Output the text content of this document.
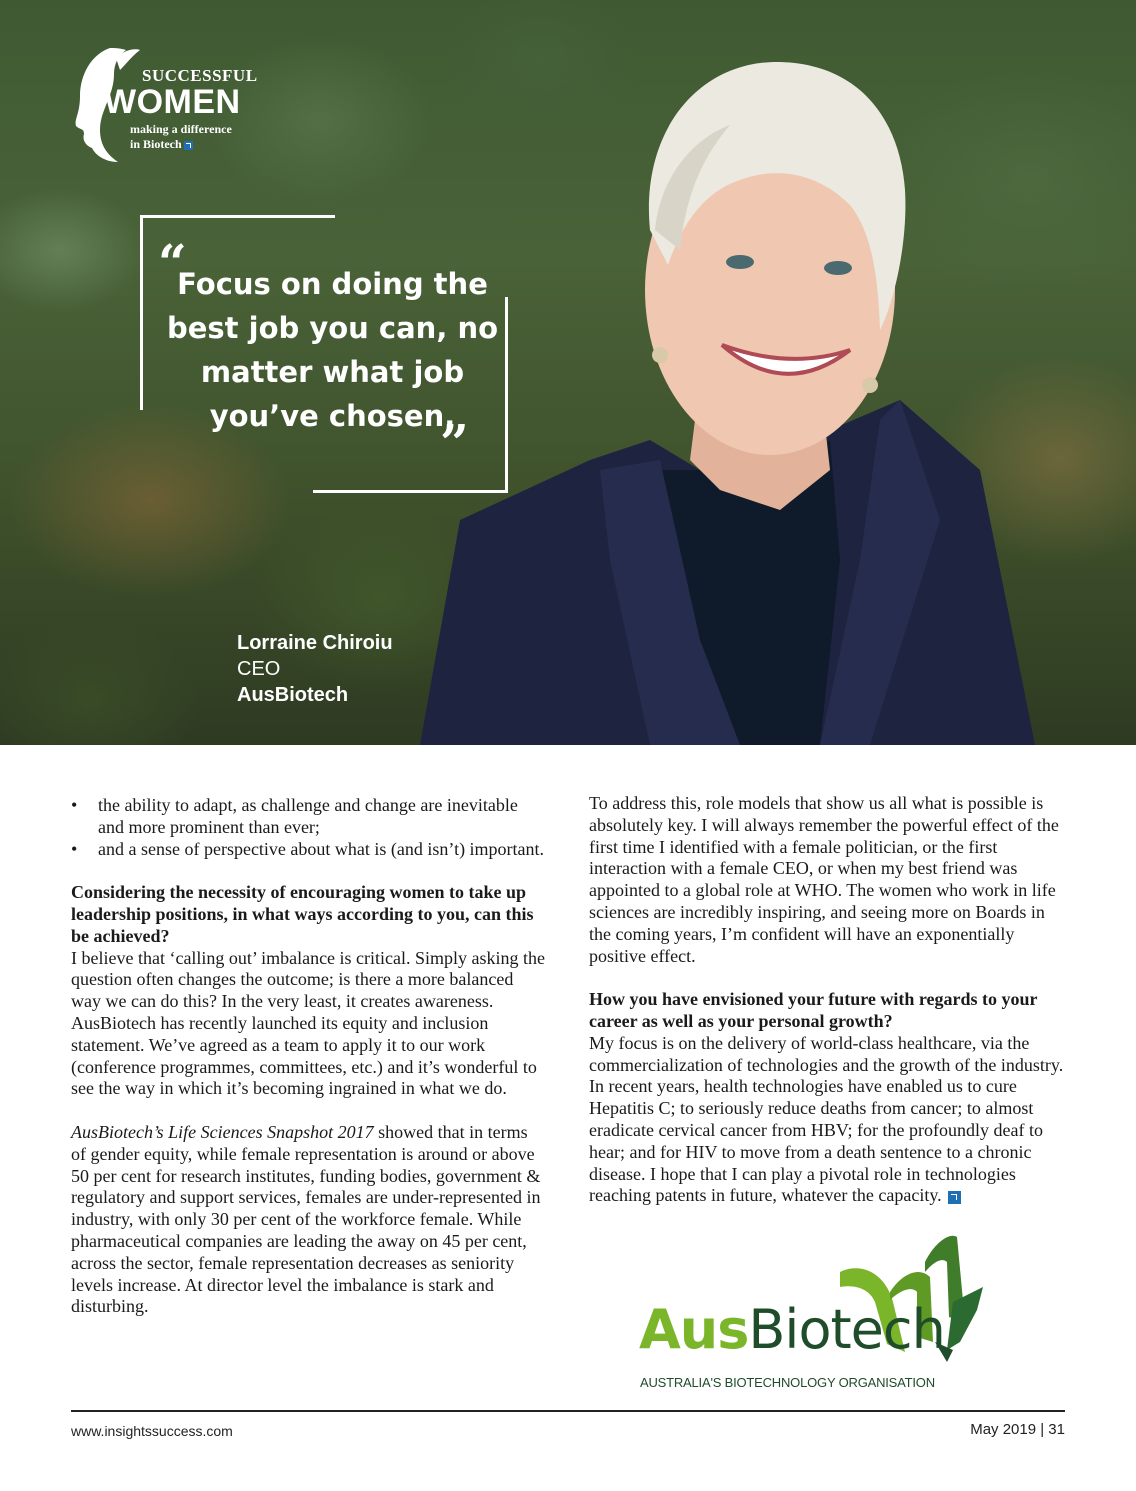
SUCCESSFUL
WOMEN
making a difference
in Biotech
“
Focus on doing the best job you can, no matter what job you’ve chosen.
”
Lorraine Chiroiu
CEO
AusBiotech
• the ability to adapt, as challenge and change are inevitable and more prominent than ever;
• and a sense of perspective about what is (and isn’t) important.

Considering the necessity of encouraging women to take up leadership positions, in what ways according to you, can this be achieved?

I believe that ‘calling out’ imbalance is critical. Simply asking the question often changes the outcome; is there a more balanced way we can do this? In the very least, it creates awareness. AusBiotech has recently launched its equity and inclusion statement. We’ve agreed as a team to apply it to our work (conference programmes, committees, etc.) and it’s wonderful to see the way in which it’s becoming ingrained in what we do.

AusBiotech’s Life Sciences Snapshot 2017 showed that in terms of gender equity, while female representation is around or above 50 per cent for research institutes, funding bodies, government & regulatory and support services, females are under-represented in industry, with only 30 per cent of the workforce female. While pharmaceutical companies are leading the away on 45 per cent, across the sector, female representation decreases as seniority levels increase. At director level the imbalance is stark and disturbing.

To address this, role models that show us all what is possible is absolutely key. I will always remember the powerful effect of the first time I identified with a female politician, or the first interaction with a female CEO, or when my best friend was appointed to a global role at WHO. The women who work in life sciences are incredibly inspiring, and seeing more on Boards in the coming years, I’m confident will have an exponentially positive effect.

How you have envisioned your future with regards to your career as well as your personal growth?

My focus is on the delivery of world-class healthcare, via the commercialization of technologies and the growth of the industry. In recent years, health technologies have enabled us to cure Hepatitis C; to seriously reduce deaths from cancer; to almost eradicate cervical cancer from HBV; for the profoundly deaf to hear; and for HIV to move from a death sentence to a chronic disease. I hope that I can play a pivotal role in technologies reaching patents in future, whatever the capacity.

AusBiotech
AUSTRALIA'S BIOTECHNOLOGY ORGANISATION
www.insightssuccess.com	May 2019 | 31
